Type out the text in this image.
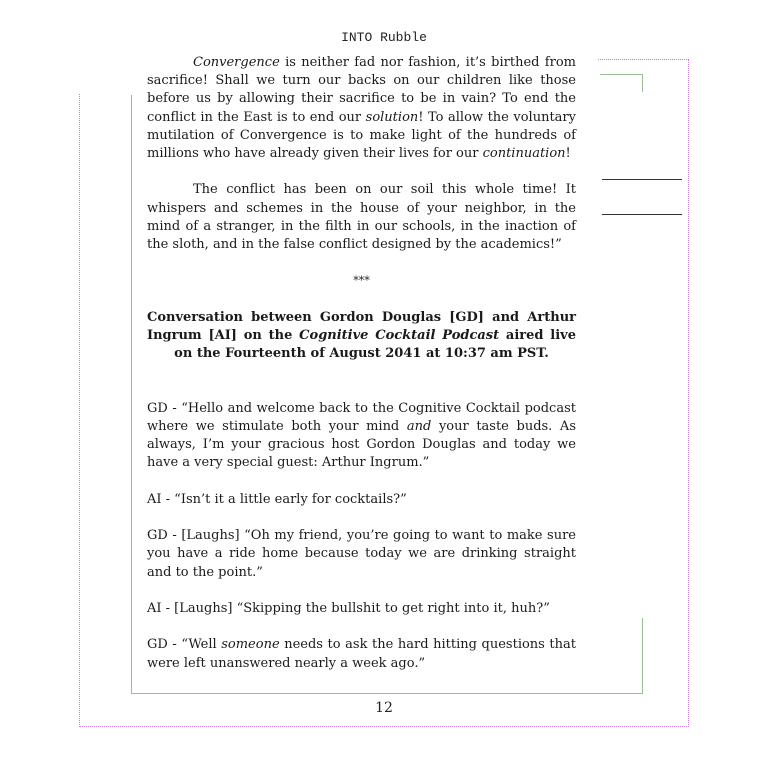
INTO Rubble

Convergence is neither fad nor fashion, it’s birthed from sacrifice! Shall we turn our backs on our children like those before us by allowing their sacrifice to be in vain? To end the conflict in the East is to end our solution! To allow the voluntary mutilation of Convergence is to make light of the hundreds of millions who have already given their lives for our continuation!

The conflict has been on our soil this whole time! It whispers and schemes in the house of your neighbor, in the mind of a stranger, in the filth in our schools, in the inaction of the sloth, and in the false conflict designed by the academics!”

***

Conversation between Gordon Douglas [GD] and Arthur Ingrum [AI] on the Cognitive Cocktail Podcast aired live on the Fourteenth of August 2041 at 10:37 am PST.

GD - “Hello and welcome back to the Cognitive Cocktail podcast where we stimulate both your mind and your taste buds. As always, I’m your gracious host Gordon Douglas and today we have a very special guest: Arthur Ingrum.”

AI - “Isn’t it a little early for cocktails?”

GD - [Laughs] “Oh my friend, you’re going to want to make sure you have a ride home because today we are drinking straight and to the point.”

AI - [Laughs] “Skipping the bullshit to get right into it, huh?”

GD - “Well someone needs to ask the hard hitting questions that were left unanswered nearly a week ago.”

12
